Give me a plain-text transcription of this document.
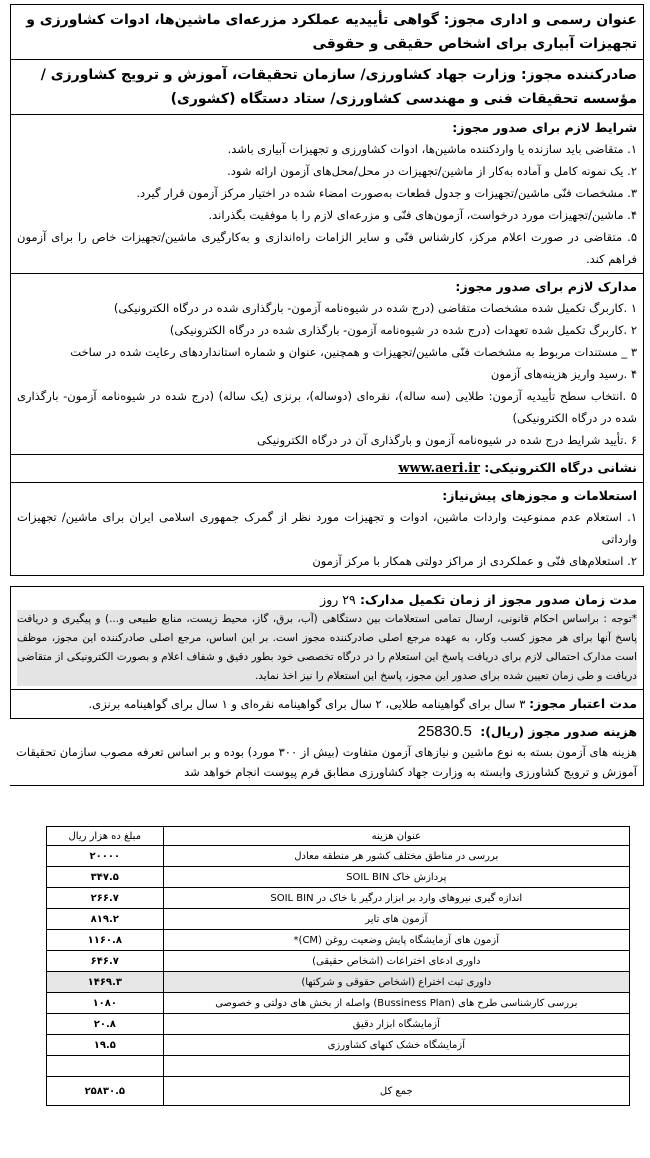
عنوان رسمی و اداری مجوز: گواهی تأییدیه عملکرد مزرعه‌ای ماشین‌ها، ادوات کشاورزی و تجهیزات آبیاری برای اشخاص حقیقی و حقوقی
صادرکننده مجوز: وزارت جهاد کشاورزی/ سازمان تحقیقات، آموزش و ترویج کشاورزی / مؤسسه تحقیقات فنی و مهندسی کشاورزی/ ستاد دستگاه (کشوری)
شرایط لازم برای صدور مجوز:
۱. متقاضی باید سازنده یا واردکننده ماشین‌ها، ادوات کشاورزی و تجهیزات آبیاری باشد.
۲. یک نمونه کامل و آماده به‌کار از ماشین/تجهیزات در محل/محل‌های آزمون ارائه شود.
۳. مشخصات فنّی ماشین/تجهیزات و جدول قطعات به‌صورت امضاء شده در اختیار مرکز آزمون قرار گیرد.
۴. ماشین/تجهیزات مورد درخواست، آزمون‌های فنّی و مزرعه‌ای لازم را با موفقیت بگذراند.
۵. متقاضی در صورت اعلام مرکز، کارشناس فنّی و سایر الزامات راه‌اندازی و به‌کارگیری ماشین/تجهیزات خاص را برای آزمون فراهم کند.
مدارک لازم برای صدور مجوز:
۱ .کاربرگ تکمیل شده مشخصات متقاضی (درج شده در شیوه‌نامه آزمون- بارگذاری شده در درگاه الکترونیکی)
۲ .کاربرگ تکمیل شده تعهدات (درج شده در شیوه‌نامه آزمون- بارگذاری شده در درگاه الکترونیکی)
۳ _ مستندات مربوط به مشخصات فنّی ماشین/تجهیزات و همچنین، عنوان و شماره استانداردهای رعایت شده در ساخت
۴ .رسید واریز هزینه‌های آزمون
۵ .انتخاب سطح تأییدیه آزمون: طلایی (سه ساله)، نقره‌ای (دوساله)، برنزی (یک ساله) (درج شده در شیوه‌نامه آزمون- بارگذاری شده در درگاه الکترونیکی)
۶ .تأیید شرایط درج شده در شیوه‌نامه آزمون و بارگذاری آن در درگاه الکترونیکی
نشانی درگاه الکترونیکی: www.aeri.ir
استعلامات و مجوزهای پیش‌نیاز:
۱. استعلام عدم ممنوعیت واردات ماشین، ادوات و تجهیزات مورد نظر از گمرک جمهوری اسلامی ایران برای ماشین/ تجهیزات وارداتی
۲. استعلام‌های فنّی و عملکردی از مراکز دولتی همکار با مرکز آزمون
مدت زمان صدور مجوز از زمان تکمیل مدارک: ۲۹ روز
*توجه : براساس احکام قانونی، ارسال تمامی استعلامات بین دستگاهی (آب، برق، گاز، محیط زیست، منابع طبیعی و...) و پیگیری و دریافت پاسخ آنها برای هر مجوز کسب وکار، به عهده مرجع اصلی صادرکننده مجوز است. بر این اساس، مرجع اصلی صادرکننده این مجوز، موظف است مدارک احتمالی لازم برای دریافت پاسخ این استعلام را در درگاه تخصصی خود بطور دقیق و شفاف اعلام و بصورت الکترونیکی از متقاضی دریافت و طی زمان تعیین شده برای صدور این مجوز، پاسخ این استعلام را نیز اخذ نماید.
مدت اعتبار مجوز: ۳ سال برای گواهینامه طلایی، ۲ سال برای گواهینامه نقره‌ای و ۱ سال برای گواهینامه برنزی.
هزینه صدور مجوز (ریال): 25830.5
هزینه های آزمون بسته به نوع ماشین و نیازهای آزمون متفاوت (بیش از ۳۰۰ مورد) بوده و بر اساس تعرفه مصوب سازمان تحقیقات آموزش و ترویج کشاورزی وابسته به وزارت جهاد کشاورزی مطابق فرم پیوست انجام خواهد شد
عنوان هزینه	مبلغ ده هزار ریال
بررسی در مناطق مختلف کشور هر منطقه معادل	۲۰۰۰۰
پردازش خاک SOIL BIN	۳۴۷.۵
اندازه گیری نیروهای وارد بر ابزار درگیر با خاک در SOIL BIN	۲۶۶.۷
آزمون های تایر	۸۱۹.۲
آزمون های آزمایشگاه پایش وضعیت روغن (CM)*	۱۱۶۰.۸
داوری ادعای اختراعات (اشخاص حقیقی)	۶۴۶.۷
داوری ثبت اختراع (اشخاص حقوقی و شرکتها)	۱۴۶۹.۳
بررسی کارشناسی طرح های (Bussiness Plan) واصله از بخش های دولتی و خصوصی	۱۰۸۰
آزمایشگاه ابزار دقیق	۲۰.۸
آزمایشگاه خشک کنهای کشاورزی	۱۹.۵

جمع کل	۲۵۸۳۰.۵
